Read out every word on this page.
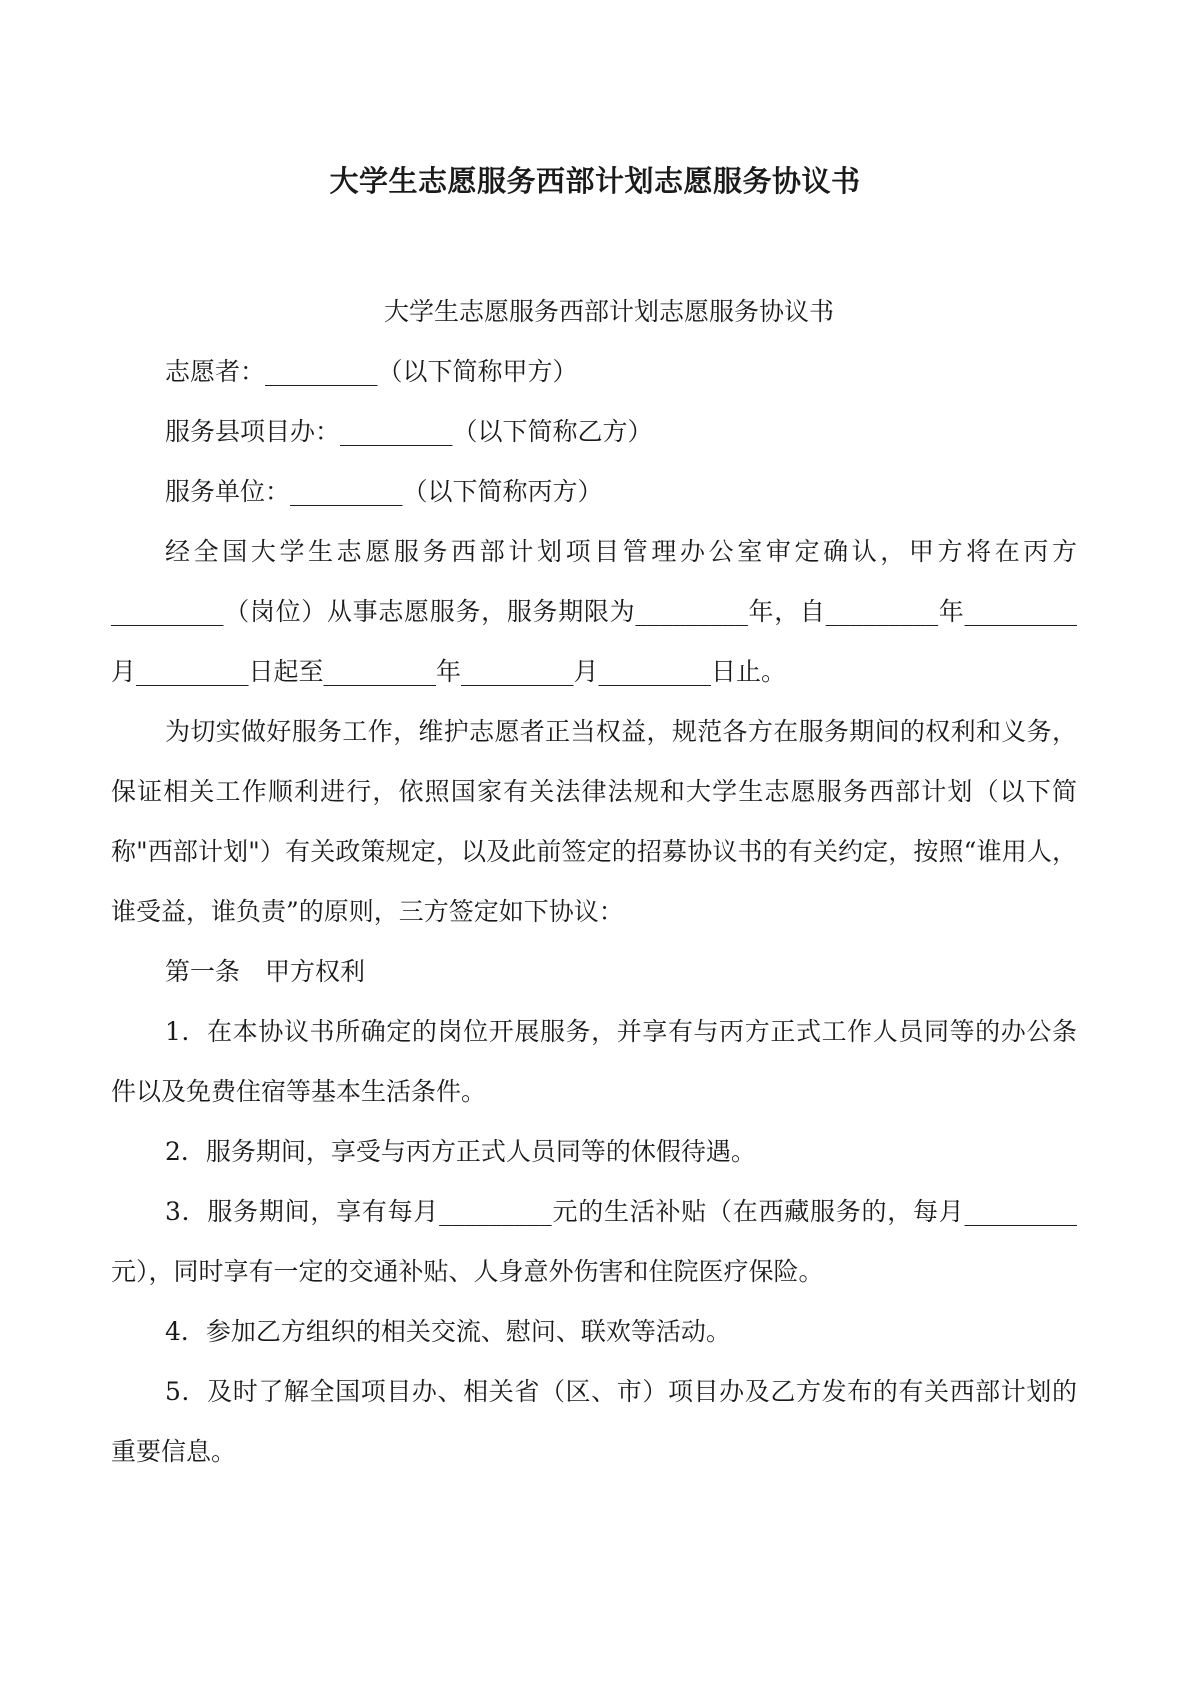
大学生志愿服务西部计划志愿服务协议书

大学生志愿服务西部计划志愿服务协议书

志愿者：_________（以下简称甲方）

服务县项目办：_________（以下简称乙方）

服务单位：_________（以下简称丙方）

经全国大学生志愿服务西部计划项目管理办公室审定确认，甲方将在丙方_________（岗位）从事志愿服务，服务期限为_________年，自_________年_________月_________日起至_________年_________月_________日止。

为切实做好服务工作，维护志愿者正当权益，规范各方在服务期间的权利和义务，保证相关工作顺利进行，依照国家有关法律法规和大学生志愿服务西部计划（以下简称"西部计划"）有关政策规定，以及此前签定的招募协议书的有关约定，按照“谁用人，谁受益，谁负责”的原则，三方签定如下协议：

第一条　甲方权利

1．在本协议书所确定的岗位开展服务，并享有与丙方正式工作人员同等的办公条件以及免费住宿等基本生活条件。

2．服务期间，享受与丙方正式人员同等的休假待遇。

3．服务期间，享有每月_________元的生活补贴（在西藏服务的，每月_________元），同时享有一定的交通补贴、人身意外伤害和住院医疗保险。

4．参加乙方组织的相关交流、慰问、联欢等活动。

5．及时了解全国项目办、相关省（区、市）项目办及乙方发布的有关西部计划的重要信息。
